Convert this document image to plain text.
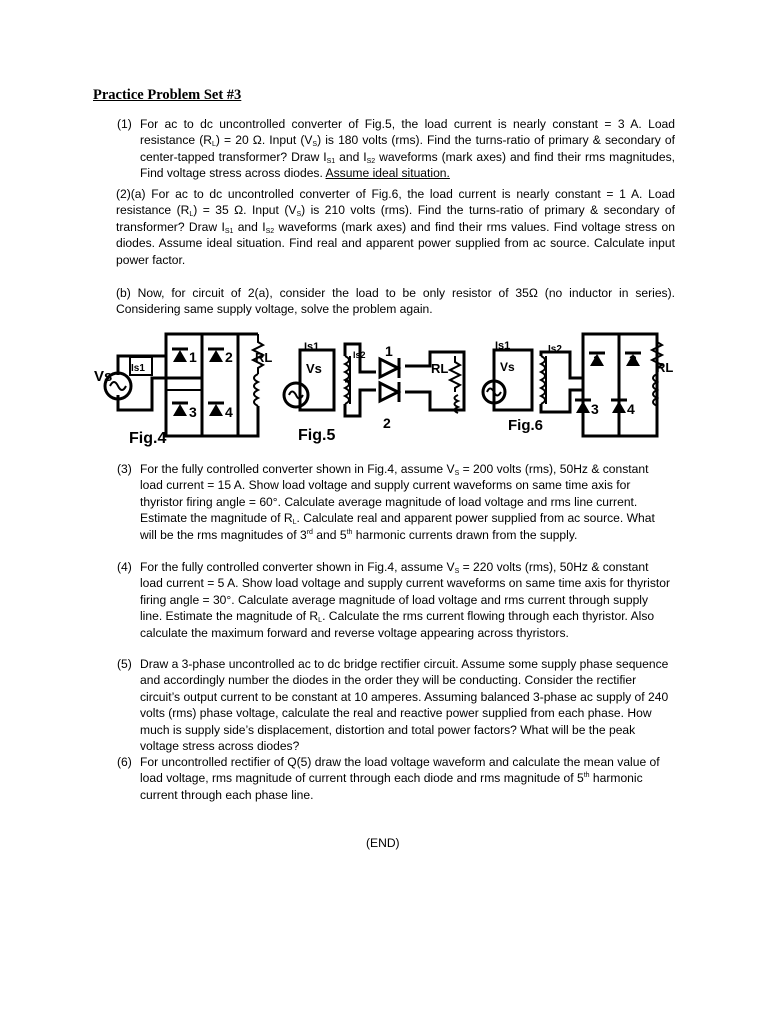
Practice Problem Set #3
(1) For ac to dc uncontrolled converter of Fig.5, the load current is nearly constant = 3 A. Load resistance $(R_L) = 20$ Ω. Input $(V_S)$ is 180 volts (rms). Find the turns-ratio of primary & secondary of center-tapped transformer? Draw $I_{S1}$ and $I_{S2}$ waveforms (mark axes) and find their rms magnitudes, Find voltage stress across diodes. Assume ideal situation.
(2)(a) For ac to dc uncontrolled converter of Fig.6, the load current is nearly constant = 1 A. Load resistance $(R_L) = 35$ Ω. Input $(V_S)$ is 210 volts (rms). Find the turns-ratio of primary & secondary of transformer? Draw $I_{S1}$ and $I_{S2}$ waveforms (mark axes) and find their rms values. Find voltage stress on diodes. Assume ideal situation. Find real and apparent power supplied from ac source. Calculate input power factor.
(b) Now, for circuit of 2(a), consider the load to be only resistor of 35Ω (no inductor in series). Considering same supply voltage, solve the problem again.
Vs Is1
1 2
3 4
RL
Fig.4
Is1
Is2
Vs
1
2
RL
Fig.5
Is1	Is2
Vs	1 2
3 4
RL
Fig.6
(3) For the fully controlled converter shown in Fig.4, assume $V_S = 200$ volts (rms), 50Hz & constant load current = 15 A. Show load voltage and supply current waveforms on same time axis for thyristor firing angle = 60°. Calculate average magnitude of load voltage and rms line current. Estimate the magnitude of $R_L$. Calculate real and apparent power supplied from ac source. What will be the rms magnitudes of 3rd and 5th harmonic currents drawn from the supply.
(4) For the fully controlled converter shown in Fig.4, assume $V_S = 220$ volts (rms), 50Hz & constant load current = 5 A. Show load voltage and supply current waveforms on same time axis for thyristor firing angle = 30°. Calculate average magnitude of load voltage and rms current through supply line. Estimate the magnitude of $R_L$. Calculate the rms current flowing through each thyristor. Also calculate the maximum forward and reverse voltage appearing across thyristors.
(5) Draw a 3-phase uncontrolled ac to dc bridge rectifier circuit. Assume some supply phase sequence and accordingly number the diodes in the order they will be conducting. Consider the rectifier circuit’s output current to be constant at 10 amperes. Assuming balanced 3-phase ac supply of 240 volts (rms) phase voltage, calculate the real and reactive power supplied from each phase. How much is supply side’s displacement, distortion and total power factors? What will be the peak voltage stress across diodes?
(6) For uncontrolled rectifier of Q(5) draw the load voltage waveform and calculate the mean value of load voltage, rms magnitude of current through each diode and rms magnitude of 5th harmonic current through each phase line.
(END)
